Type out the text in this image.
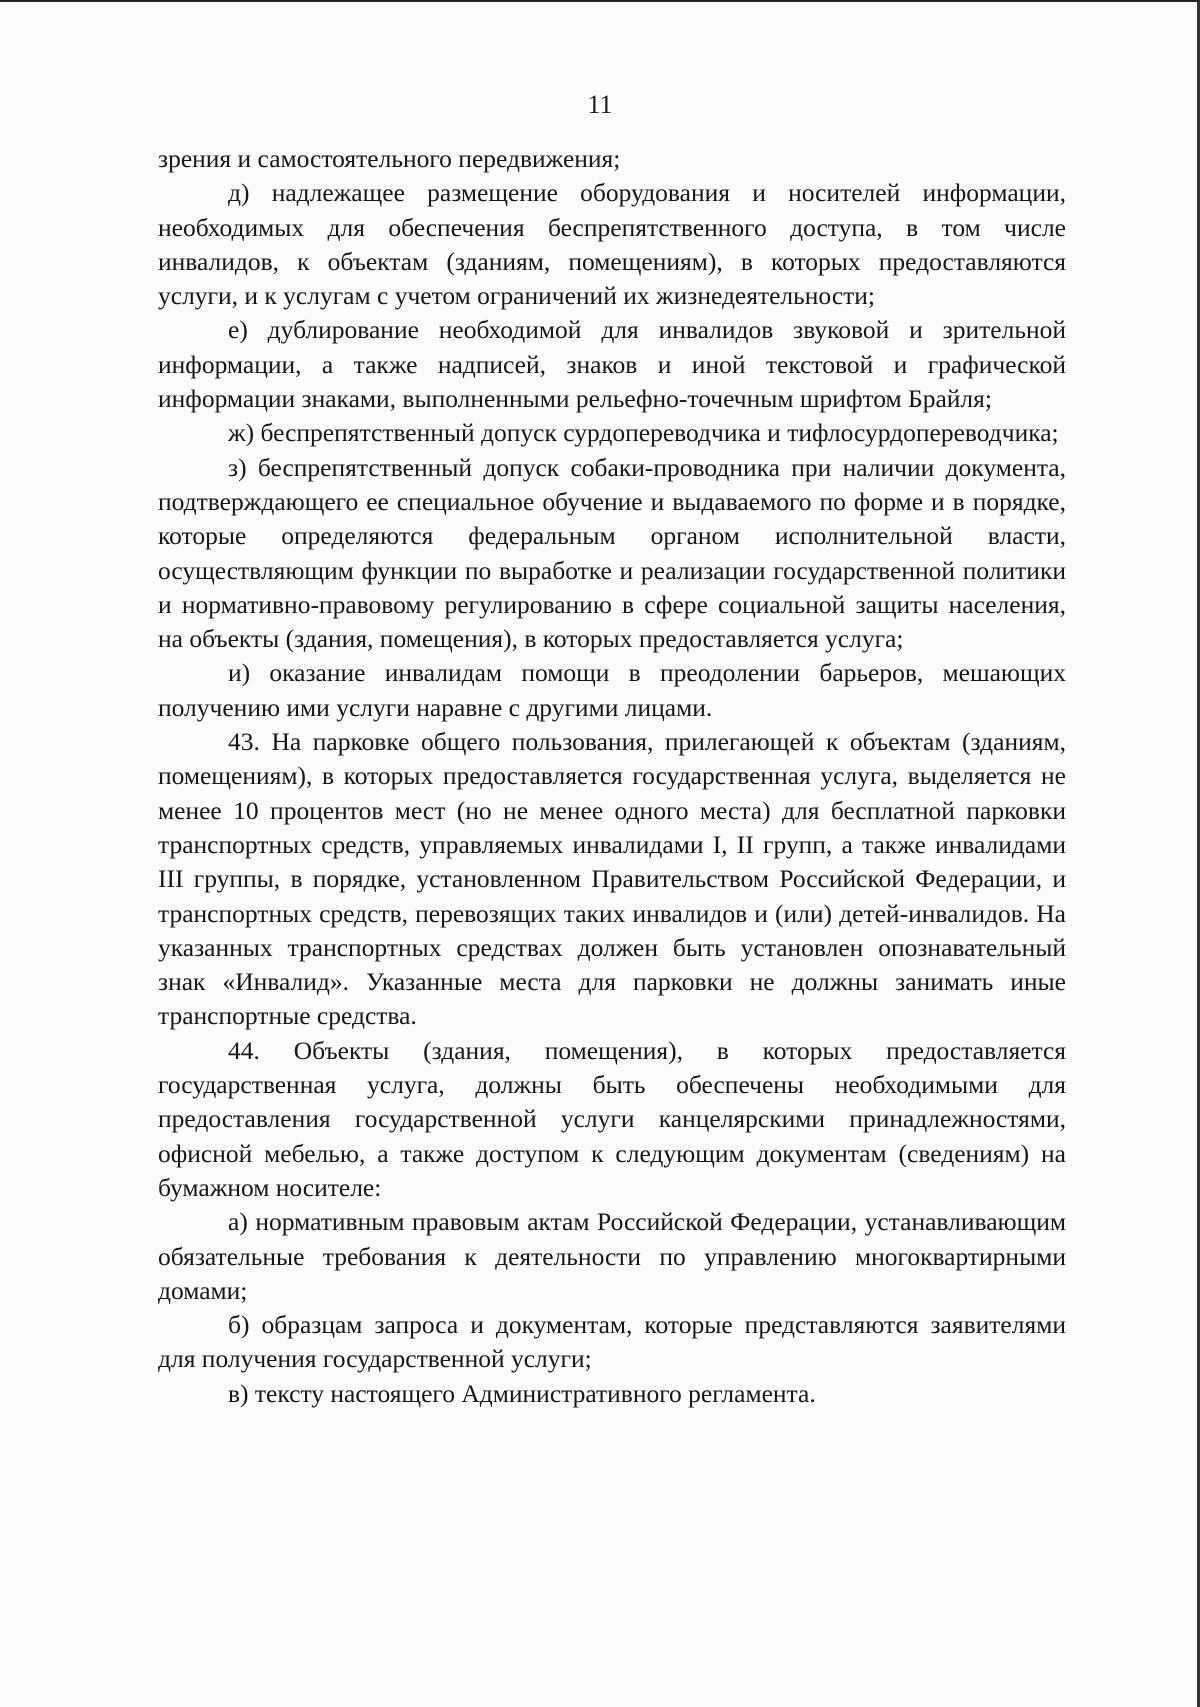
11

зрения и самостоятельного передвижения;

д) надлежащее размещение оборудования и носителей информации, необходимых для обеспечения беспрепятственного доступа, в том числе инвалидов, к объектам (зданиям, помещениям), в которых предоставляются услуги, и к услугам с учетом ограничений их жизнедеятельности;

е) дублирование необходимой для инвалидов звуковой и зрительной информации, а также надписей, знаков и иной текстовой и графической информации знаками, выполненными рельефно-точечным шрифтом Брайля;

ж) беспрепятственный допуск сурдопереводчика и тифлосурдопереводчика;

з) беспрепятственный допуск собаки-проводника при наличии документа, подтверждающего ее специальное обучение и выдаваемого по форме и в порядке, которые определяются федеральным органом исполнительной власти, осуществляющим функции по выработке и реализации государственной политики и нормативно-правовому регулированию в сфере социальной защиты населения, на объекты (здания, помещения), в которых предоставляется услуга;

и) оказание инвалидам помощи в преодолении барьеров, мешающих получению ими услуги наравне с другими лицами.

43. На парковке общего пользования, прилегающей к объектам (зданиям, помещениям), в которых предоставляется государственная услуга, выделяется не менее 10 процентов мест (но не менее одного места) для бесплатной парковки транспортных средств, управляемых инвалидами I, II групп, а также инвалидами III группы, в порядке, установленном Правительством Российской Федерации, и транспортных средств, перевозящих таких инвалидов и (или) детей-инвалидов. На указанных транспортных средствах должен быть установлен опознавательный знак «Инвалид». Указанные места для парковки не должны занимать иные транспортные средства.

44. Объекты (здания, помещения), в которых предоставляется государственная услуга, должны быть обеспечены необходимыми для предоставления государственной услуги канцелярскими принадлежностями, офисной мебелью, а также доступом к следующим документам (сведениям) на бумажном носителе:

а) нормативным правовым актам Российской Федерации, устанавливающим обязательные требования к деятельности по управлению многоквартирными домами;

б) образцам запроса и документам, которые представляются заявителями для получения государственной услуги;

в) тексту настоящего Административного регламента.
